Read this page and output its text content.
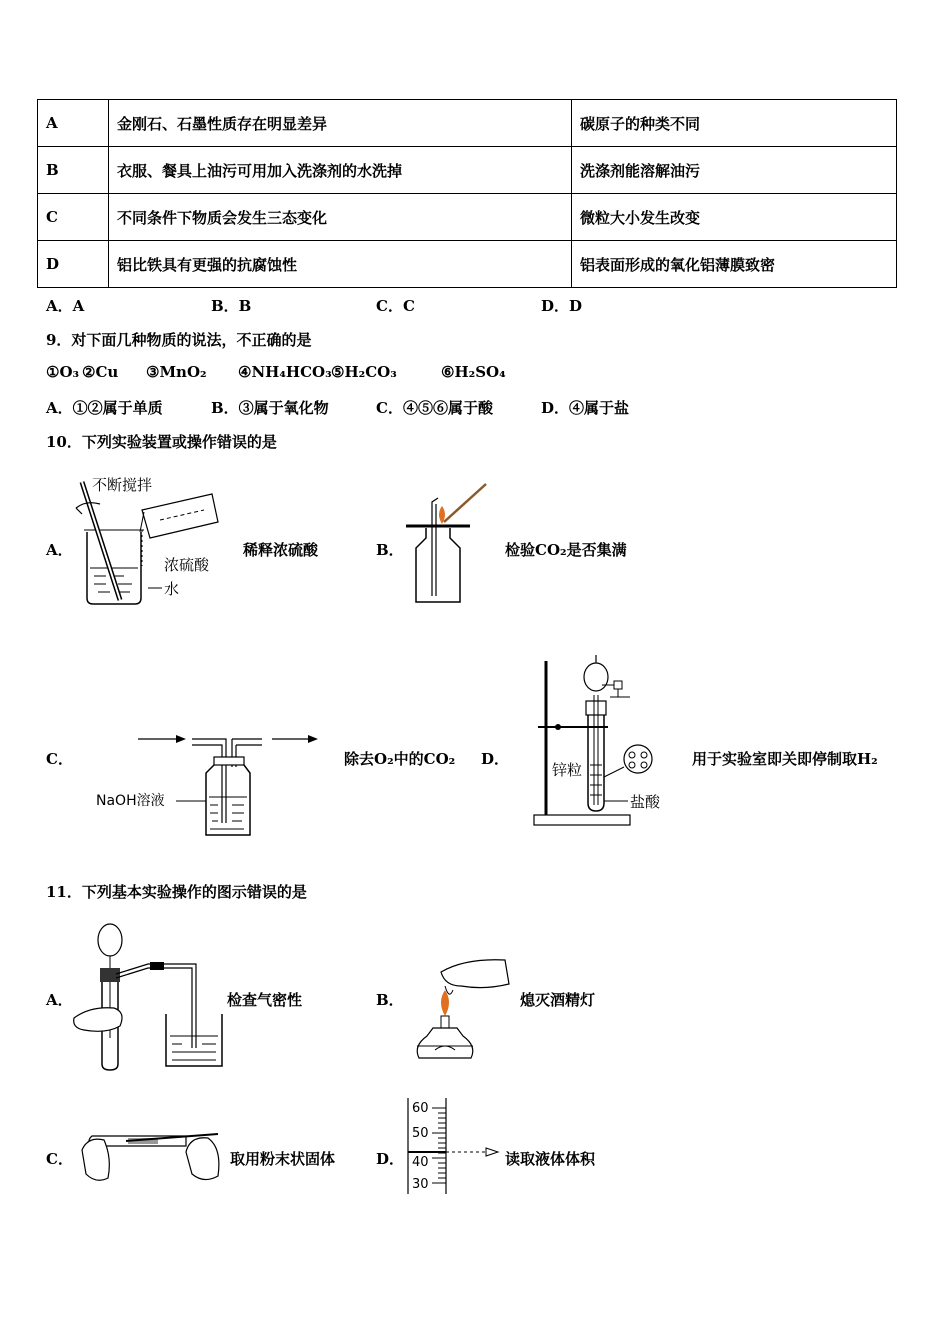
A	金刚石、石墨性质存在明显差异	碳原子的种类不同
B	衣服、餐具上油污可用加入洗涤剂的水洗掉	洗涤剂能溶解油污
C	不同条件下物质会发生三态变化	微粒大小发生改变
D	铝比铁具有更强的抗腐蚀性	铝表面形成的氧化铝薄膜致密
A．A	B．B	C．C	D．D
9．对下面几种物质的说法，不正确的是
①O₃ ②Cu ③MnO₂ ④NH₄HCO₃ ⑤H₂CO₃	⑥H₂SO₄
A．①②属于单质	B．③属于氧化物	C．④⑤⑥属于酸	D．④属于盐
10．下列实验装置或操作错误的是
A．
不断搅拌
浓硫酸
水
稀释浓硫酸	B．	检验CO₂是否集满
C．
NaOH溶液
除去O₂中的CO₂ D．
锌粒
盐酸
用于实验室即关即停制取H₂
11．下列基本实验操作的图示错误的是
A．	检查气密性	B．	熄灭酒精灯
C．	取用粉末状固体	D．
60
50
40
30
读取液体体积
